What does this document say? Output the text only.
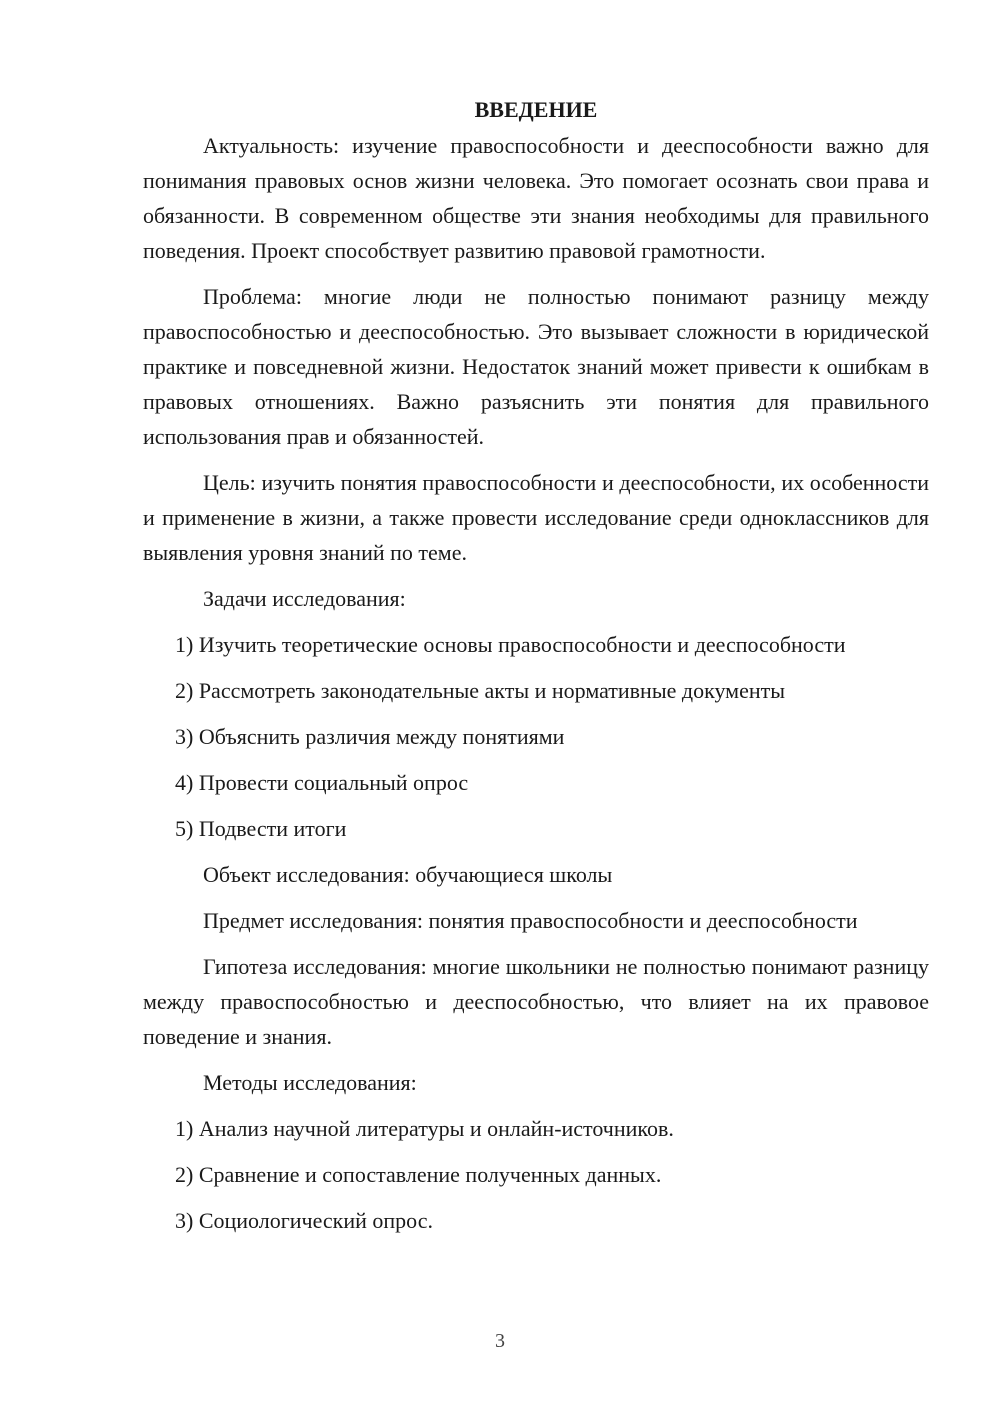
ВВЕДЕНИЕ
Актуальность: изучение правоспособности и дееспособности важно для понимания правовых основ жизни человека. Это помогает осознать свои права и обязанности. В современном обществе эти знания необходимы для правильного поведения. Проект способствует развитию правовой грамотности.
Проблема: многие люди не полностью понимают разницу между правоспособностью и дееспособностью. Это вызывает сложности в юридической практике и повседневной жизни. Недостаток знаний может привести к ошибкам в правовых отношениях. Важно разъяснить эти понятия для правильного использования прав и обязанностей.
Цель: изучить понятия правоспособности и дееспособности, их особенности и применение в жизни, а также провести исследование среди одноклассников для выявления уровня знаний по теме.
Задачи исследования:
1) Изучить теоретические основы правоспособности и дееспособности
2) Рассмотреть законодательные акты и нормативные документы
3) Объяснить различия между понятиями
4) Провести социальный опрос
5) Подвести итоги
Объект исследования: обучающиеся школы
Предмет исследования: понятия правоспособности и дееспособности
Гипотеза исследования: многие школьники не полностью понимают разницу между правоспособностью и дееспособностью, что влияет на их правовое поведение и знания.
Методы исследования:
1) Анализ научной литературы и онлайн-источников.
2) Сравнение и сопоставление полученных данных.
3) Социологический опрос.
3
